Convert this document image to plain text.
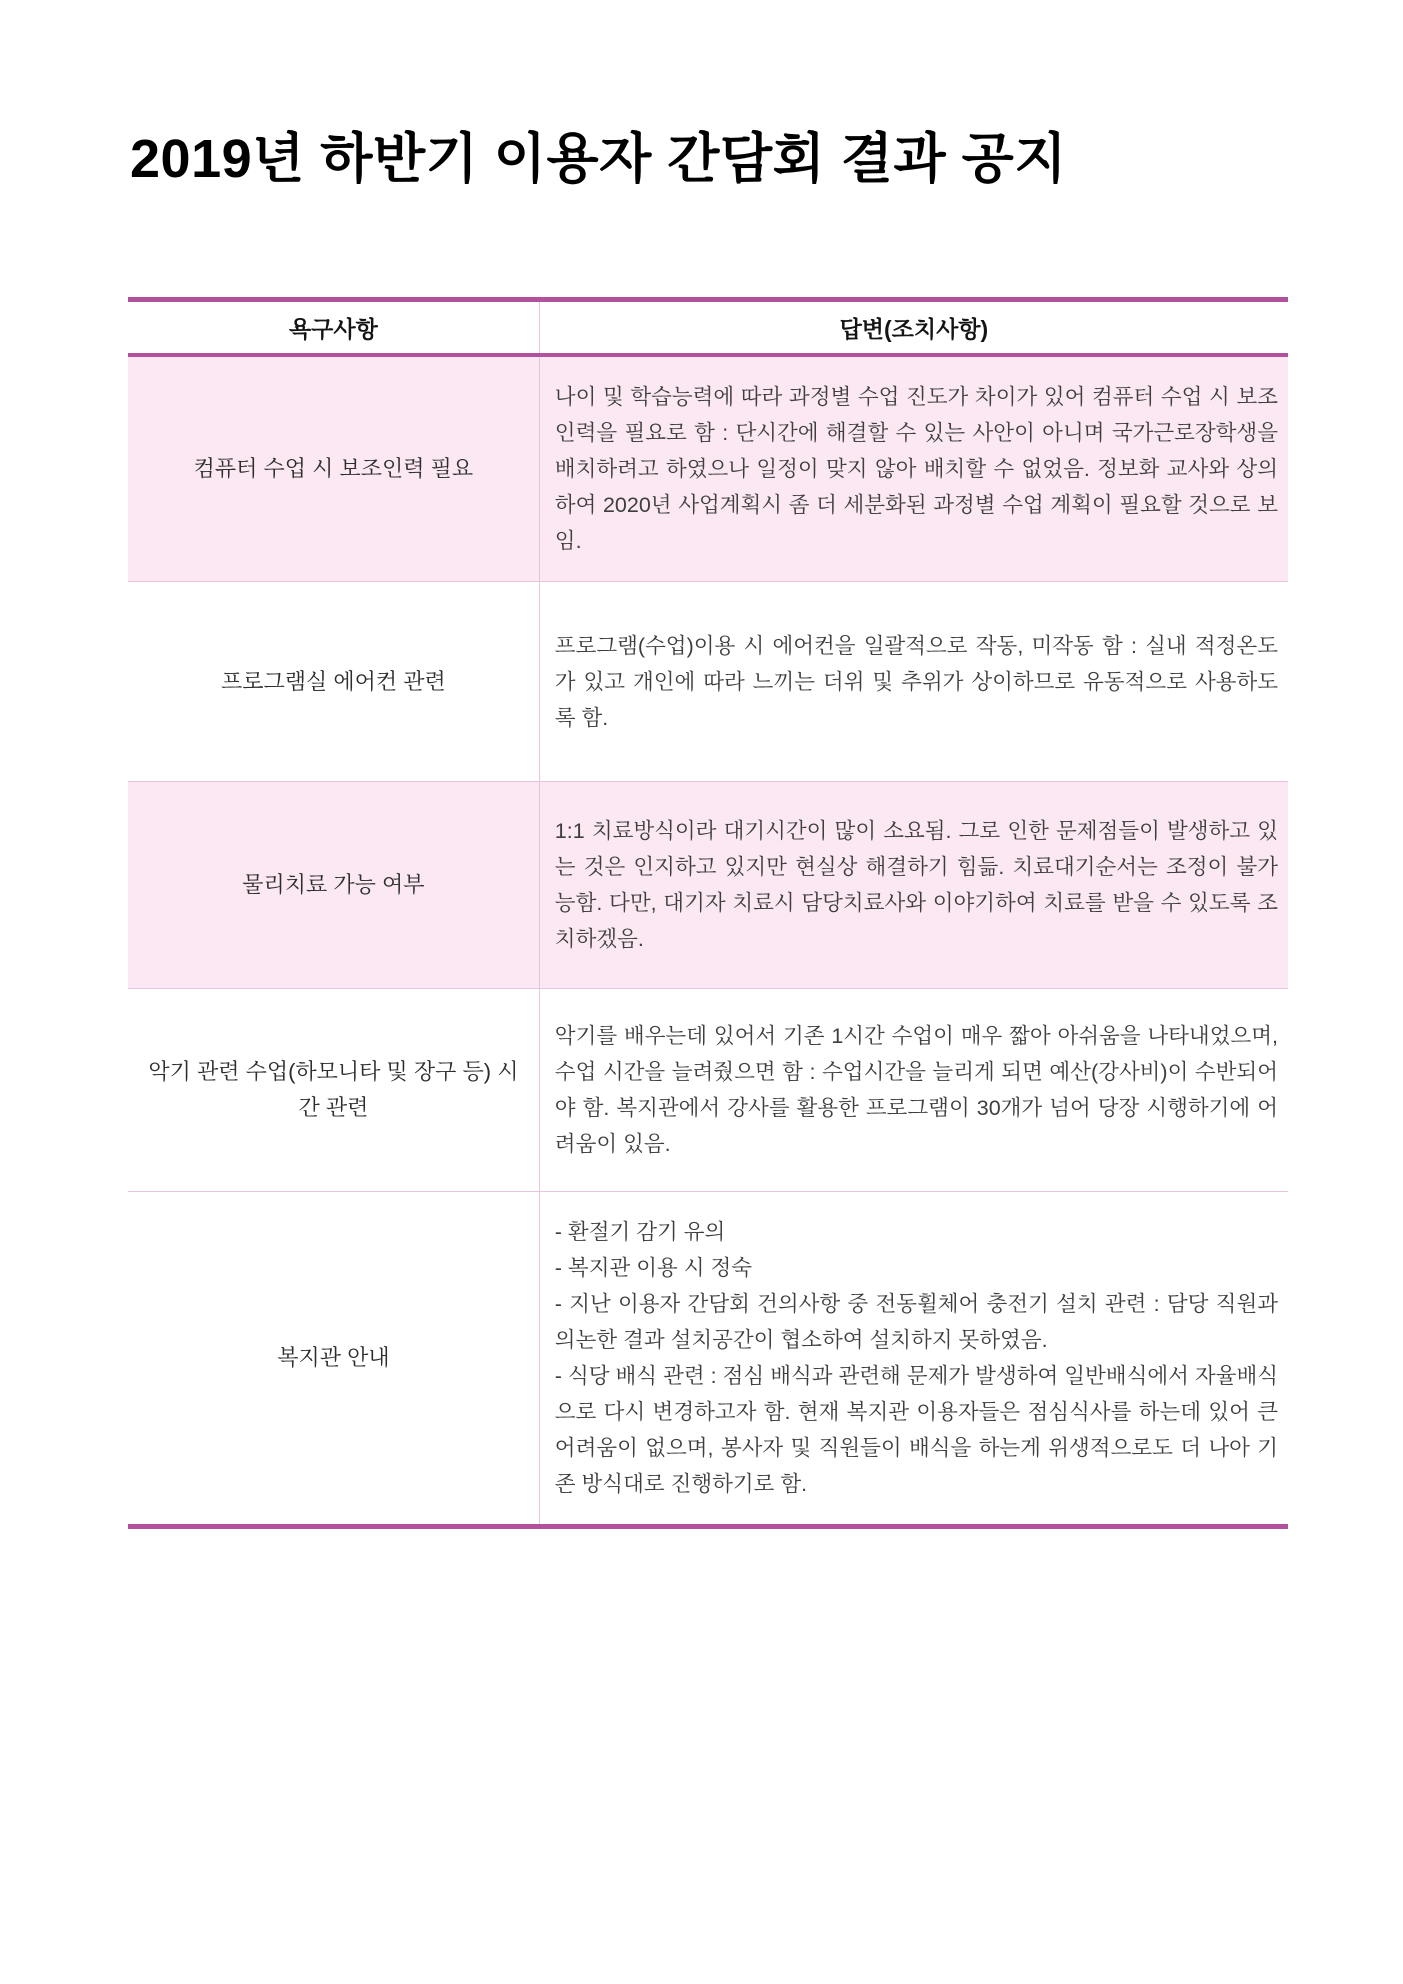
2019년 하반기 이용자 간담회 결과 공지
욕구사항	답변(조치사항)
컴퓨터 수업 시 보조인력 필요
나이 및 학습능력에 따라 과정별 수업 진도가 차이가 있어 컴퓨터 수업 시 보조인력을 필요로 함 : 단시간에 해결할 수 있는 사안이 아니며 국가근로장학생을 배치하려고 하였으나 일정이 맞지 않아 배치할 수 없었음. 정보화 교사와 상의하여 2020년 사업계획시 좀 더 세분화된 과정별 수업 계획이 필요할 것으로 보임.
프로그램실 에어컨 관련
프로그램(수업)이용 시 에어컨을 일괄적으로 작동, 미작동 함 : 실내 적정온도가 있고 개인에 따라 느끼는 더위 및 추위가 상이하므로 유동적으로 사용하도록 함.
물리치료 가능 여부
1:1 치료방식이라 대기시간이 많이 소요됨. 그로 인한 문제점들이 발생하고 있는 것은 인지하고 있지만 현실상 해결하기 힘듦. 치료대기순서는 조정이 불가능함. 다만, 대기자 치료시 담당치료사와 이야기하여 치료를 받을 수 있도록 조치하겠음.
악기 관련 수업(하모니타 및 장구 등) 시간 관련
악기를 배우는데 있어서 기존 1시간 수업이 매우 짧아 아쉬움을 나타내었으며, 수업 시간을 늘려줬으면 함 : 수업시간을 늘리게 되면 예산(강사비)이 수반되어야 함. 복지관에서 강사를 활용한 프로그램이 30개가 넘어 당장 시행하기에 어려움이 있음.
복지관 안내
- 환절기 감기 유의
- 복지관 이용 시 정숙
- 지난 이용자 간담회 건의사항 중 전동휠체어 충전기 설치 관련 : 담당 직원과 의논한 결과 설치공간이 협소하여 설치하지 못하였음.
- 식당 배식 관련 : 점심 배식과 관련해 문제가 발생하여 일반배식에서 자율배식으로 다시 변경하고자 함. 현재 복지관 이용자들은 점심식사를 하는데 있어 큰 어려움이 없으며, 봉사자 및 직원들이 배식을 하는게 위생적으로도 더 나아 기존 방식대로 진행하기로 함.
